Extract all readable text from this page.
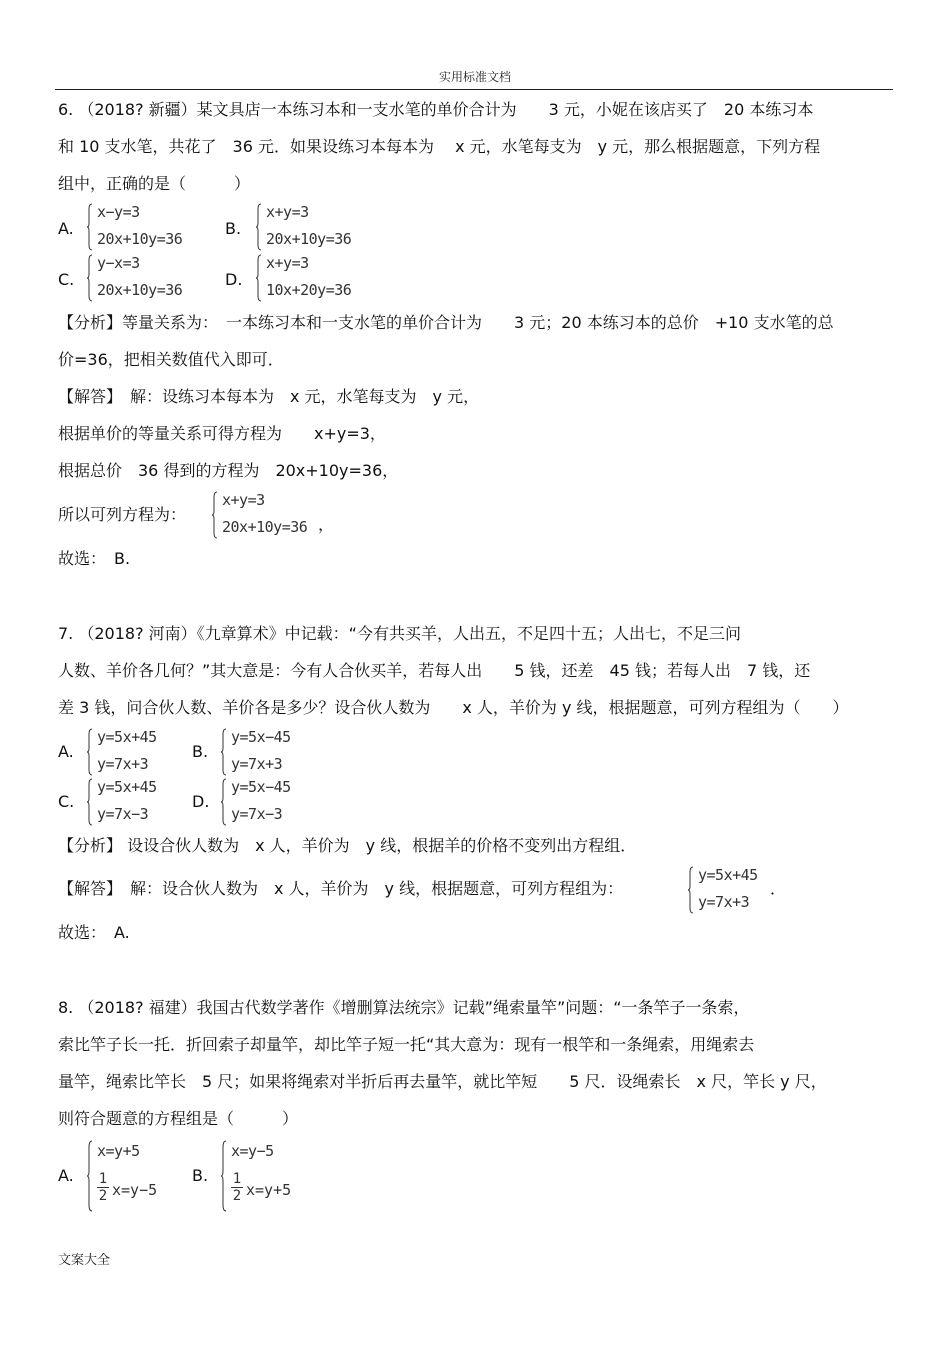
实用标准文档
6. （2018? 新疆）某文具店一本练习本和一支水笔的单价合计为　　3 元，小妮在该店买了　20 本练习本
和 10 支水笔，共花了　36 元．如果设练习本每本为　 x 元，水笔每支为　y 元，那么根据题意，下列方程
组中，正确的是（　　　）
A.
x−y=3
20x+10y=36
B.
x+y=3
20x+10y=36
C.
y−x=3
20x+10y=36
D.
x+y=3
10x+20y=36
【分析】等量关系为：　一本练习本和一支水笔的单价合计为　　3 元；20 本练习本的总价　+10 支水笔的总
价=36，把相关数值代入即可．
【解答】　解：设练习本每本为　x 元，水笔每支为　y 元，
根据单价的等量关系可得方程为　　x+y=3，
根据总价　36 得到的方程为　20x+10y=36，
所以可列方程为：
x+y=3
20x+10y=36 ，
故选：　B.
7. （2018? 河南）《九章算术》中记载：“今有共买羊，人出五，不足四十五；人出七，不足三问
人数、羊价各几何？”其大意是：今有人合伙买羊，若每人出　　5 钱，还差　45 钱；若每人出　7 钱，还
差 3 钱，问合伙人数、羊价各是多少？设合伙人数为　　x 人，羊价为 y 线，根据题意，可列方程组为（　　）
A.
y=5x+45
y=7x+3
B.
y=5x−45
y=7x+3
C.
y=5x+45
y=7x−3
D.
y=5x−45
y=7x−3
【分析】 设设合伙人数为　x 人，羊价为　y 线，根据羊的价格不变列出方程组．
【解答】　解：设合伙人数为　x 人，羊价为　y 线，根据题意，可列方程组为：
y=5x+45
y=7x+3
．
故选：　A.
8. （2018? 福建）我国古代数学著作《增删算法统宗》记载”绳索量竿”问题：“一条竿子一条索，
索比竿子长一托．折回索子却量竿，却比竿子短一托“其大意为：现有一根竿和一条绳索，用绳索去
量竿，绳索比竿长　5 尺；如果将绳索对半折后再去量竿，就比竿短　　5 尺．设绳索长　x 尺，竿长 y 尺，
则符合题意的方程组是（　　　）
A.
x=y+5
1
2 x=y−5
B.
x=y−5
1
2 x=y+5
文案大全
